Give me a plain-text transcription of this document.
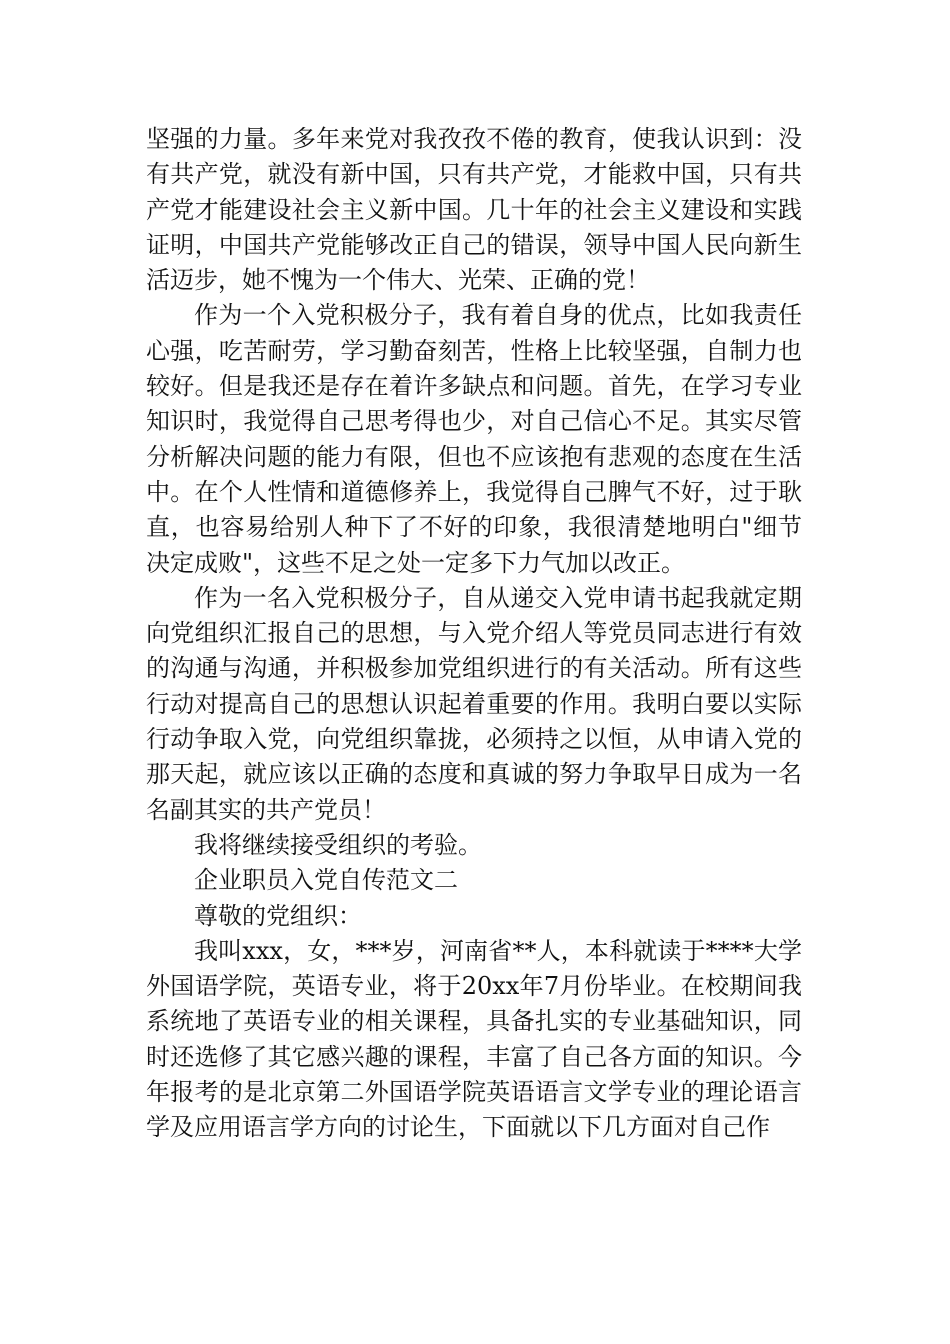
坚强的力量。多年来党对我孜孜不倦的教育，使我认识到：没有共产党，就没有新中国，只有共产党，才能救中国，只有共产党才能建设社会主义新中国。几十年的社会主义建设和实践证明，中国共产党能够改正自己的错误，领导中国人民向新生活迈步，她不愧为一个伟大、光荣、正确的党！

作为一个入党积极分子，我有着自身的优点，比如我责任心强，吃苦耐劳，学习勤奋刻苦，性格上比较坚强，自制力也较好。但是我还是存在着许多缺点和问题。首先，在学习专业知识时，我觉得自己思考得也少，对自己信心不足。其实尽管分析解决问题的能力有限，但也不应该抱有悲观的态度在生活中。在个人性情和道德修养上，我觉得自己脾气不好，过于耿直，也容易给别人种下了不好的印象，我很清楚地明白"细节决定成败"，这些不足之处一定多下力气加以改正。

作为一名入党积极分子，自从递交入党申请书起我就定期向党组织汇报自己的思想，与入党介绍人等党员同志进行有效的沟通与沟通，并积极参加党组织进行的有关活动。所有这些行动对提高自己的思想认识起着重要的作用。我明白要以实际行动争取入党，向党组织靠拢，必须持之以恒，从申请入党的那天起，就应该以正确的态度和真诚的努力争取早日成为一名名副其实的共产党员！

我将继续接受组织的考验。

企业职员入党自传范文二

尊敬的党组织：

我叫xxx，女，***岁，河南省**人，本科就读于****大学外国语学院，英语专业，将于20xx年7月份毕业。在校期间我系统地了英语专业的相关课程，具备扎实的专业基础知识，同时还选修了其它感兴趣的课程，丰富了自己各方面的知识。今年报考的是北京第二外国语学院英语语言文学专业的理论语言学及应用语言学方向的讨论生，下面就以下几方面对自己作
